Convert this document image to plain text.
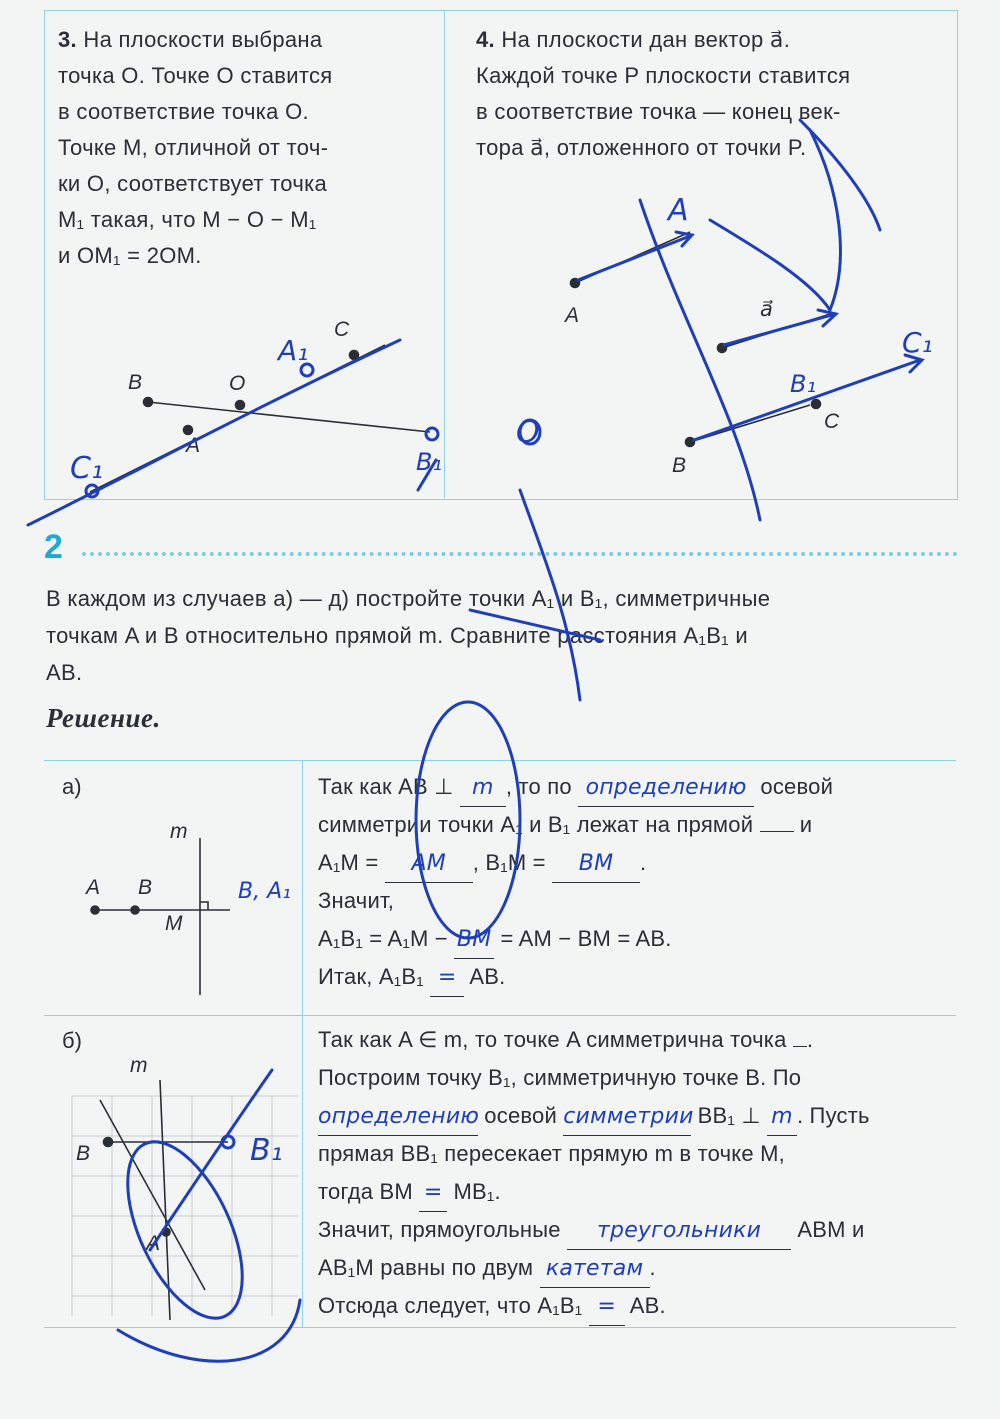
3. На плоскости выбрана
точка O. Точке O ставится
в соответствие точка O.
Точке M, отличной от точ-
ки O, соответствует точка
M₁ такая, что M − O − M₁
и OM₁ = 2OM.
4. На плоскости дан вектор a⃗.
Каждой точке P плоскости ставится
в соответствие точка — конец век-
тора a⃗, отложенного от точки P.
2
В каждом из случаев а) — д) постройте точки A₁ и B₁, симметричные
точкам A и B относительно прямой m. Сравните расстояния A₁B₁ и
AB.
Решение.
а)
б)
Так как AB ⊥ m , то по определению осевой
симметрии точки A₁ и B₁ лежат на прямой  и
A₁M = AM , B₁M = BM .
Значит,
A₁B₁ = A₁M − BM = AM − BM = AB.
Итак, A₁B₁ = AB.
Так как A ∈ m, то точке A симметрична точка .
Построим точку B₁, симметричную точке B. По
определению осевой симметрии BB₁ ⊥ m . Пусть
прямая BB₁ пересекает прямую m в точке M,
тогда BM = MB₁.
Значит, прямоугольные треугольники ABM и
AB₁M равны по двум катетам .
Отсюда следует, что A₁B₁ = AB.
B	O
A
C
C₁
A₁
B₁
A	a⃗
B
C
A
C₁
B₁
O
m
A B
M
B, A₁
m
B
A
B₁
